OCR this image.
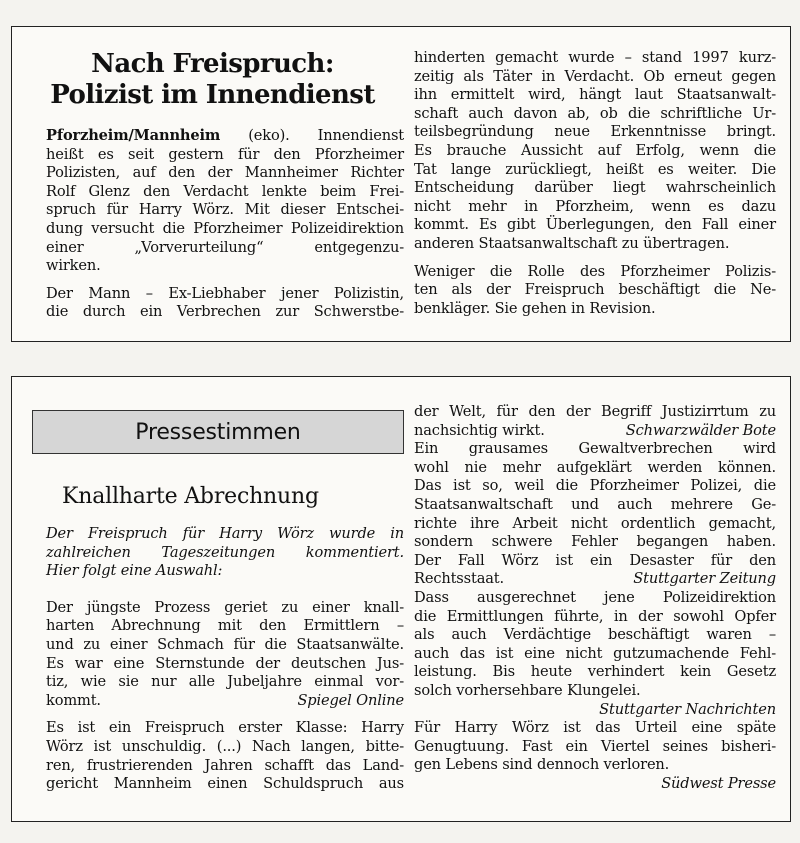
Nach Freispruch:
Polizist im Innendienst
Pforzheim/Mannheim (eko). Innendienst
heißt es seit gestern für den Pforzheimer
Polizisten, auf den der Mannheimer Richter
Rolf Glenz den Verdacht lenkte beim Frei-
spruch für Harry Wörz. Mit dieser Entschei-
dung versucht die Pforzheimer Polizeidirektion
einer „Vorverurteilung“ entgegenzu-
wirken.
Der Mann – Ex-Liebhaber jener Polizistin,
die durch ein Verbrechen zur Schwerstbe-
hinderten gemacht wurde – stand 1997 kurz-
zeitig als Täter in Verdacht. Ob erneut gegen
ihn ermittelt wird, hängt laut Staatsanwalt-
schaft auch davon ab, ob die schriftliche Ur-
teilsbegründung neue Erkenntnisse bringt.
Es brauche Aussicht auf Erfolg, wenn die
Tat lange zurückliegt, heißt es weiter. Die
Entscheidung darüber liegt wahrscheinlich
nicht mehr in Pforzheim, wenn es dazu
kommt. Es gibt Überlegungen, den Fall einer
anderen Staatsanwaltschaft zu übertragen.
Weniger die Rolle des Pforzheimer Polizis-
ten als der Freispruch beschäftigt die Ne-
benkläger. Sie gehen in Revision.
Pressestimmen
Knallharte Abrechnung
Der Freispruch für Harry Wörz wurde in
zahlreichen Tageszeitungen kommentiert.
Hier folgt eine Auswahl:
Der jüngste Prozess geriet zu einer knall-
harten Abrechnung mit den Ermittlern –
und zu einer Schmach für die Staatsanwälte.
Es war eine Sternstunde der deutschen Jus-
tiz, wie sie nur alle Jubeljahre einmal vor-
kommt.	Spiegel Online
Es ist ein Freispruch erster Klasse: Harry
Wörz ist unschuldig. (...) Nach langen, bitte-
ren, frustrierenden Jahren schafft das Land-
gericht Mannheim einen Schuldspruch aus
der Welt, für den der Begriff Justizirrtum zu
nachsichtig wirkt.	Schwarzwälder Bote
Ein grausames Gewaltverbrechen wird
wohl nie mehr aufgeklärt werden können.
Das ist so, weil die Pforzheimer Polizei, die
Staatsanwaltschaft und auch mehrere Ge-
richte ihre Arbeit nicht ordentlich gemacht,
sondern schwere Fehler begangen haben.
Der Fall Wörz ist ein Desaster für den
Rechtsstaat.	Stuttgarter Zeitung
Dass ausgerechnet jene Polizeidirektion
die Ermittlungen führte, in der sowohl Opfer
als auch Verdächtige beschäftigt waren –
auch das ist eine nicht gutzumachende Fehl-
leistung. Bis heute verhindert kein Gesetz
solch vorhersehbare Klungelei.
Stuttgarter Nachrichten
Für Harry Wörz ist das Urteil eine späte
Genugtuung. Fast ein Viertel seines bisheri-
gen Lebens sind dennoch verloren.
Südwest Presse
